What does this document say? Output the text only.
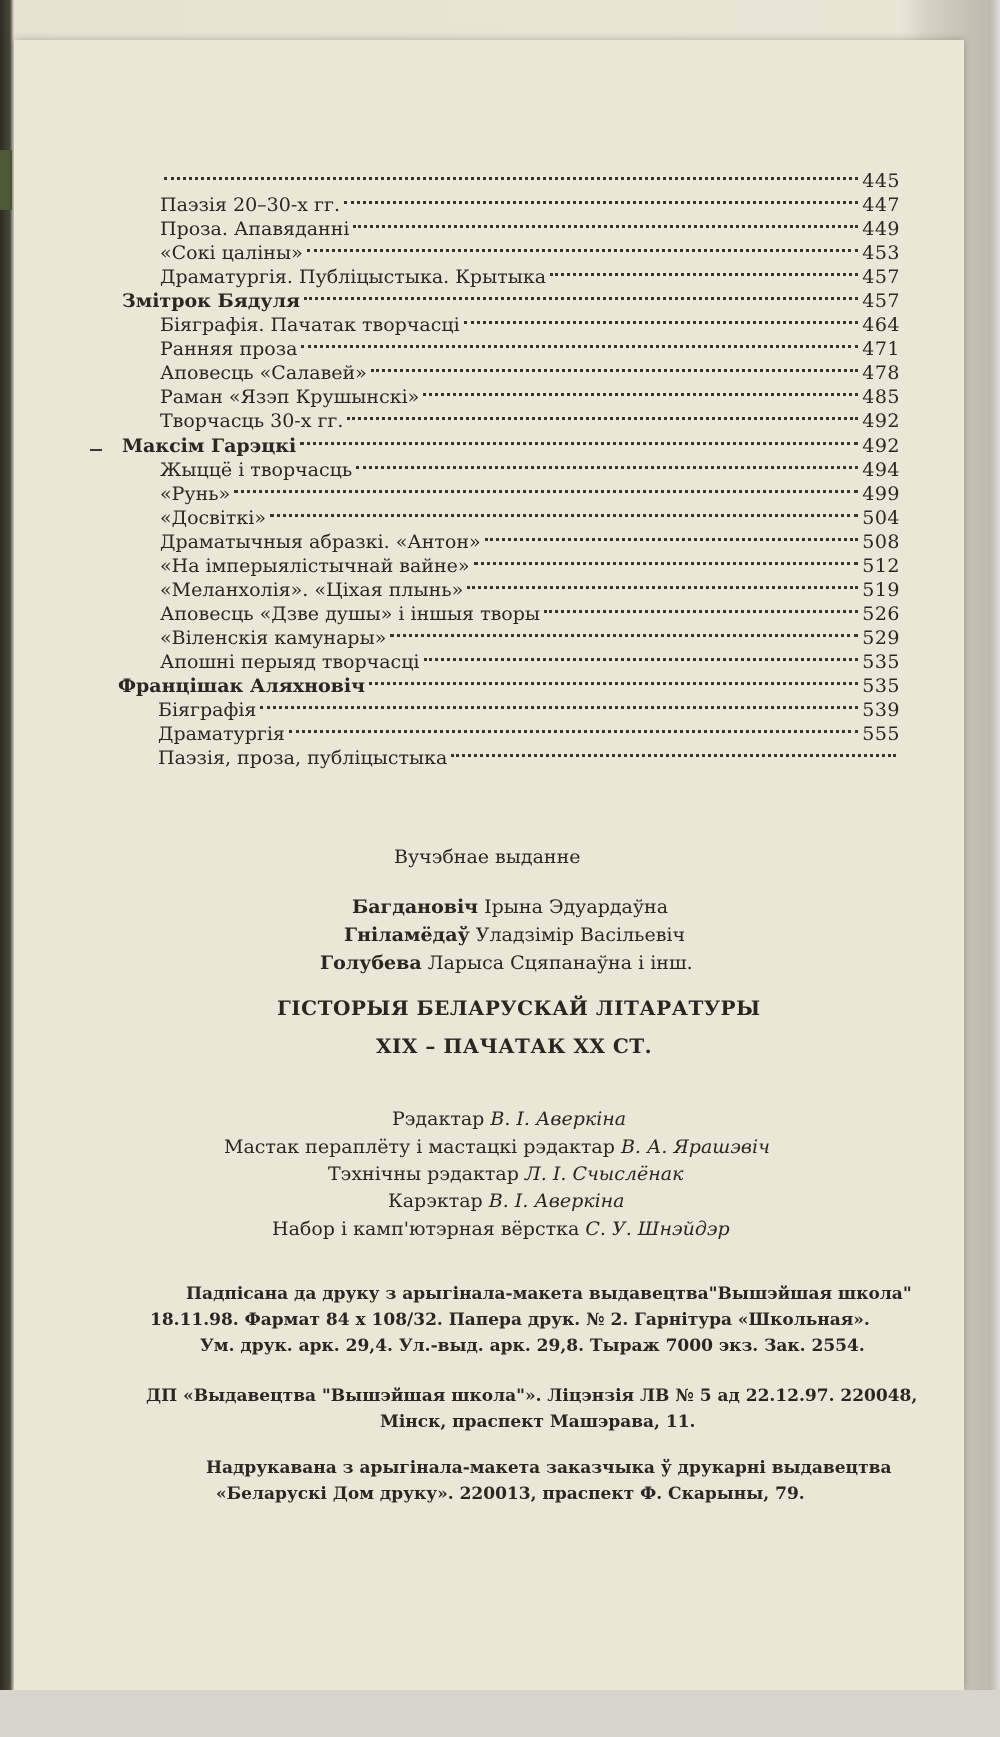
445
Паэзія 20–30-х гг.	447
Проза. Апавяданні	449
«Сокі цаліны»	453
Драматургія. Публіцыстыка. Крытыка	457
Змітрок Бядуля	457
Біяграфія. Пачатак творчасці	464
Ранняя проза	471
Аповесць «Салавей»	478
Раман «Язэп Крушынскі»	485
Творчасць 30-х гг.	492
Максім Гарэцкі	492
Жыццё і творчасць	494
«Рунь»	499
«Досвіткі»	504
Драматычныя абразкі. «Антон»	508
«На імперыялістычнай вайне»	512
«Меланхолія». «Ціхая плынь»	519
Аповесць «Дзве душы» і іншыя творы	526
«Віленскія камунары»	529
Апошні перыяд творчасці	535
Францішак Аляхновіч	535
Біяграфія	539
Драматургія	555
Паэзія, проза, публіцыстыка
Вучэбнае выданне
Багдановіч Ірына Эдуардаўна
Гніламёдаў Уладзімір Васільевіч
Голубева Ларыса Сцяпанаўна і інш.
ГІСТОРЫЯ БЕЛАРУСКАЙ ЛІТАРАТУРЫ
XIX – ПАЧАТАК XX СТ.
Рэдактар В. І. Аверкіна
Мастак пераплёту і мастацкі рэдактар В. А. Ярашэвіч
Тэхнічны рэдактар Л. І. Счыслёнак
Карэктар В. І. Аверкіна
Набор і камп'ютэрная вёрстка С. У. Шнэйдэр
Падпісана да друку з арыгінала-макета выдавецтва"Вышэйшая школа"
18.11.98. Фармат 84 х 108/32. Папера друк. № 2. Гарнітура «Школьная».
Ум. друк. арк. 29,4. Ул.-выд. арк. 29,8. Тыраж 7000 экз. Зак. 2554.
ДП «Выдавецтва "Вышэйшая школа"». Ліцэнзія ЛВ № 5 ад 22.12.97. 220048,
Мінск, праспект Машэрава, 11.
Надрукавана з арыгінала-макета заказчыка ў друкарні выдавецтва
«Беларускі Дом друку». 220013, праспект Ф. Скарыны, 79.
